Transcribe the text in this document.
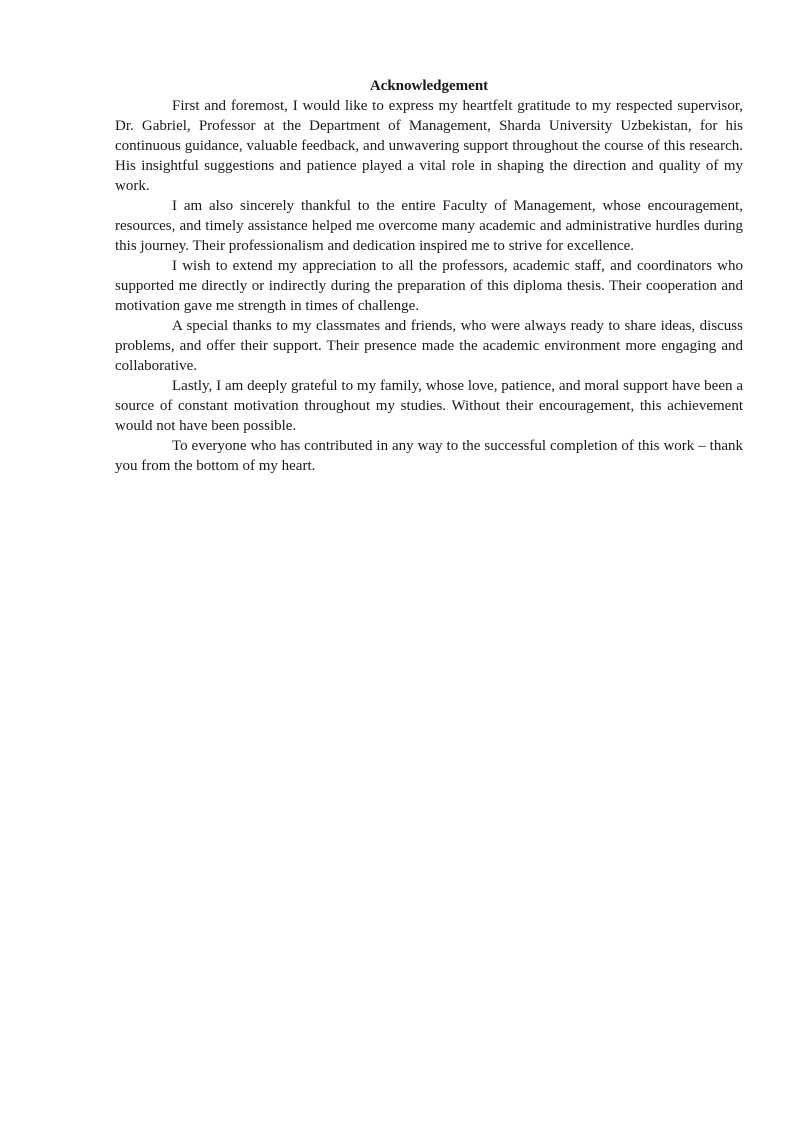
Acknowledgement

First and foremost, I would like to express my heartfelt gratitude to my respected supervisor, Dr. Gabriel, Professor at the Department of Management, Sharda University Uzbekistan, for his continuous guidance, valuable feedback, and unwavering support throughout the course of this research. His insightful suggestions and patience played a vital role in shaping the direction and quality of my work.

I am also sincerely thankful to the entire Faculty of Management, whose encouragement, resources, and timely assistance helped me overcome many academic and administrative hurdles during this journey. Their professionalism and dedication inspired me to strive for excellence.

I wish to extend my appreciation to all the professors, academic staff, and coordinators who supported me directly or indirectly during the preparation of this diploma thesis. Their cooperation and motivation gave me strength in times of challenge.

A special thanks to my classmates and friends, who were always ready to share ideas, discuss problems, and offer their support. Their presence made the academic environment more engaging and collaborative.

Lastly, I am deeply grateful to my family, whose love, patience, and moral support have been a source of constant motivation throughout my studies. Without their encouragement, this achievement would not have been possible.

To everyone who has contributed in any way to the successful completion of this work – thank you from the bottom of my heart.
